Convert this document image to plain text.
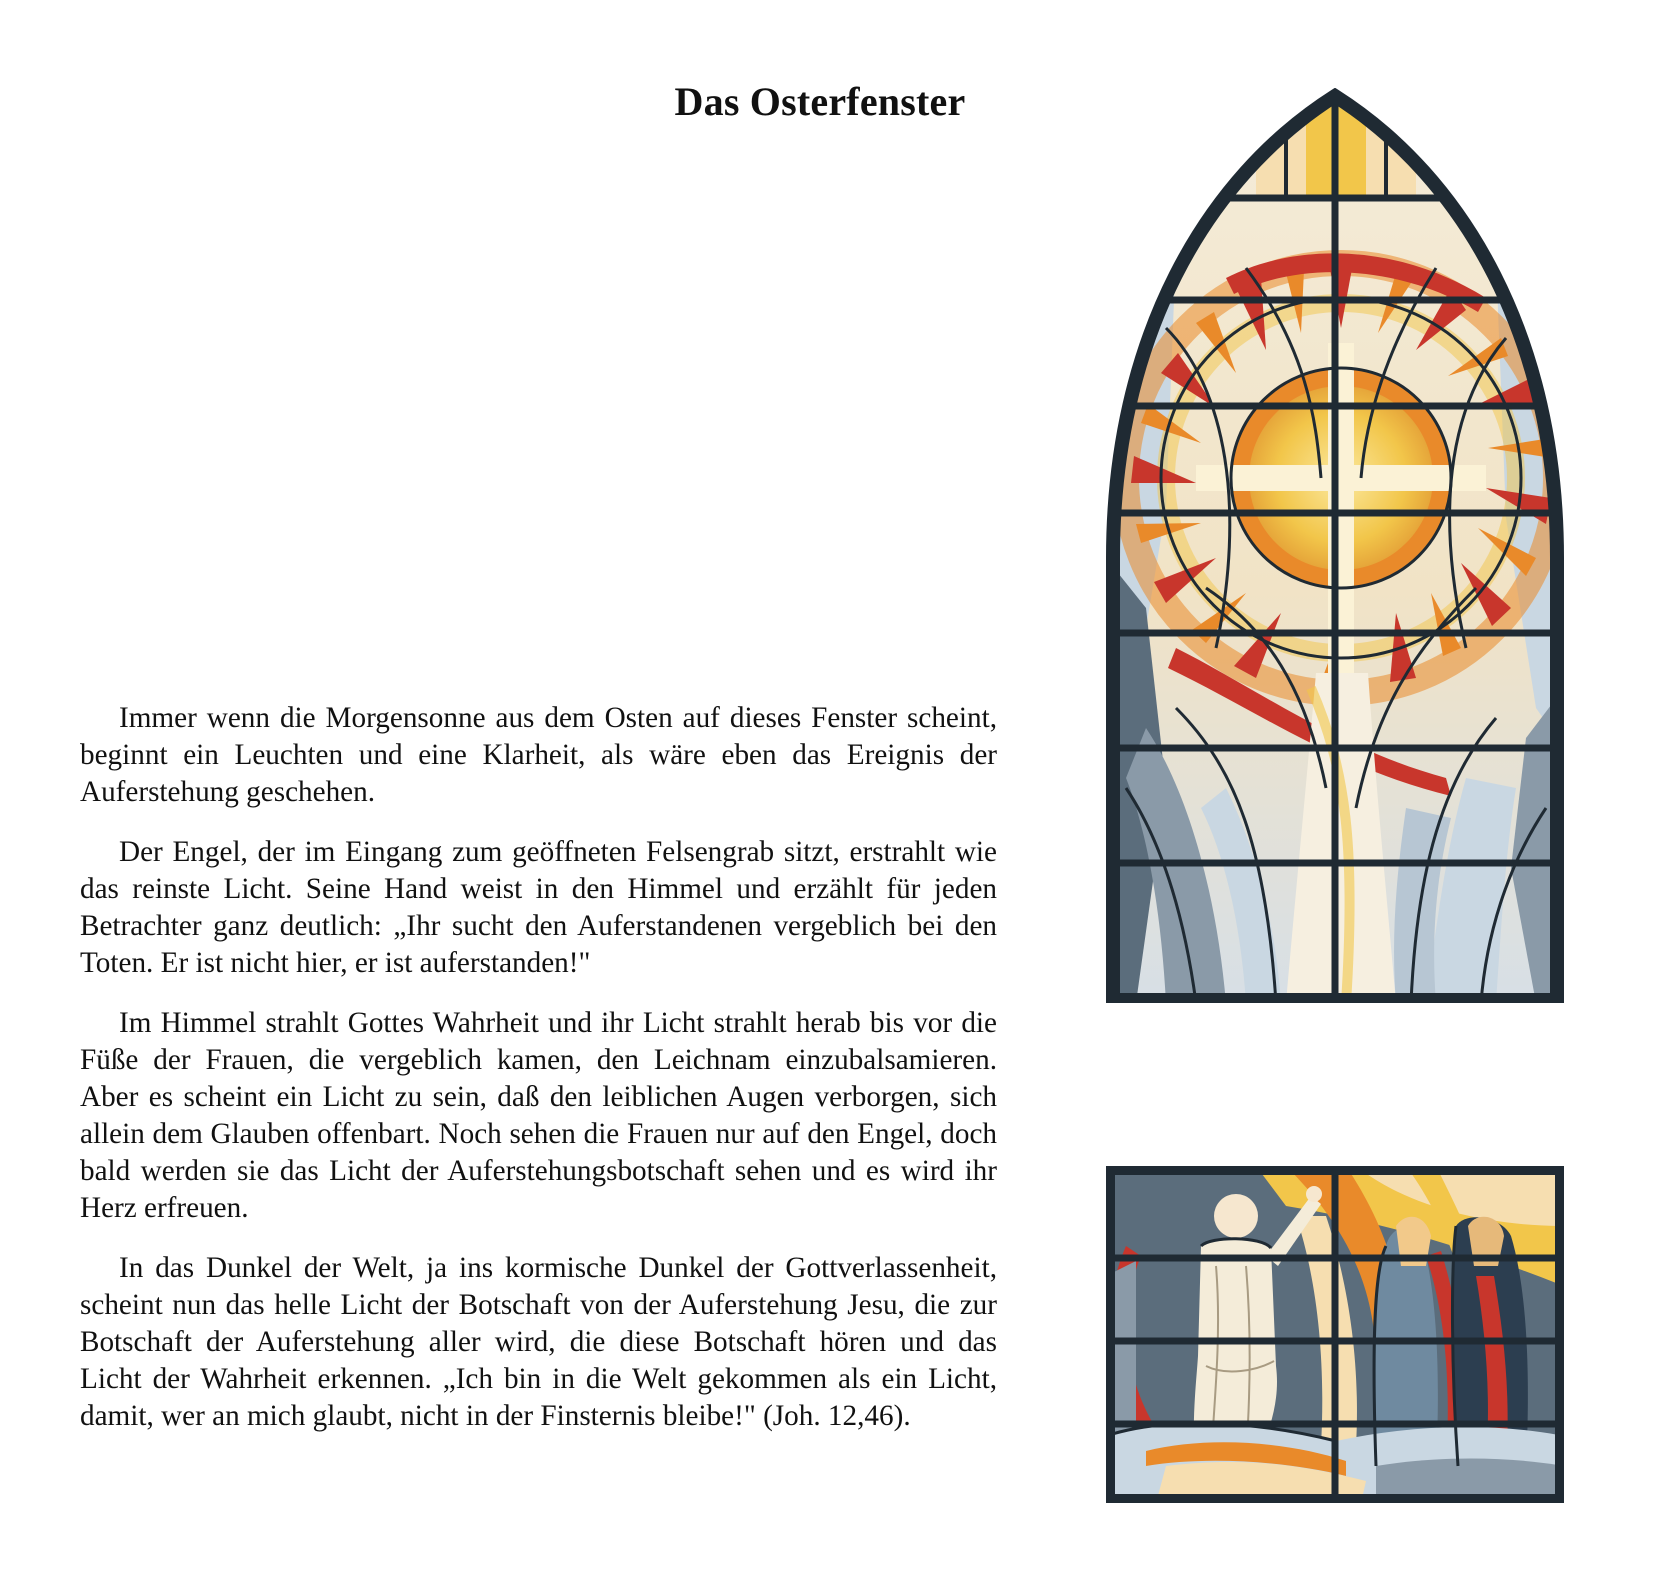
Das Osterfenster

Immer wenn die Morgensonne aus dem Osten auf dieses Fenster scheint, beginnt ein Leuchten und eine Klarheit, als wäre eben das Ereignis der Auferstehung geschehen.

Der Engel, der im Eingang zum geöffneten Felsengrab sitzt, erstrahlt wie das reinste Licht. Seine Hand weist in den Himmel und erzählt für jeden Betrachter ganz deutlich: „Ihr sucht den Auferstandenen vergeblich bei den Toten. Er ist nicht hier, er ist auferstanden!"

Im Himmel strahlt Gottes Wahrheit und ihr Licht strahlt herab bis vor die Füße der Frauen, die vergeblich kamen, den Leichnam einzubalsamieren. Aber es scheint ein Licht zu sein, daß den leiblichen Augen verborgen, sich allein dem Glauben offenbart. Noch sehen die Frauen nur auf den Engel, doch bald werden sie das Licht der Auferstehungsbotschaft sehen und es wird ihr Herz erfreuen.

In das Dunkel der Welt, ja ins kormische Dunkel der Gottverlassenheit, scheint nun das helle Licht der Botschaft von der Auferstehung Jesu, die zur Botschaft der Auferstehung aller wird, die diese Botschaft hören und das Licht der Wahrheit erkennen. „Ich bin in die Welt gekommen als ein Licht, damit, wer an mich glaubt, nicht in der Finsternis bleibe!" (Joh. 12,46).
